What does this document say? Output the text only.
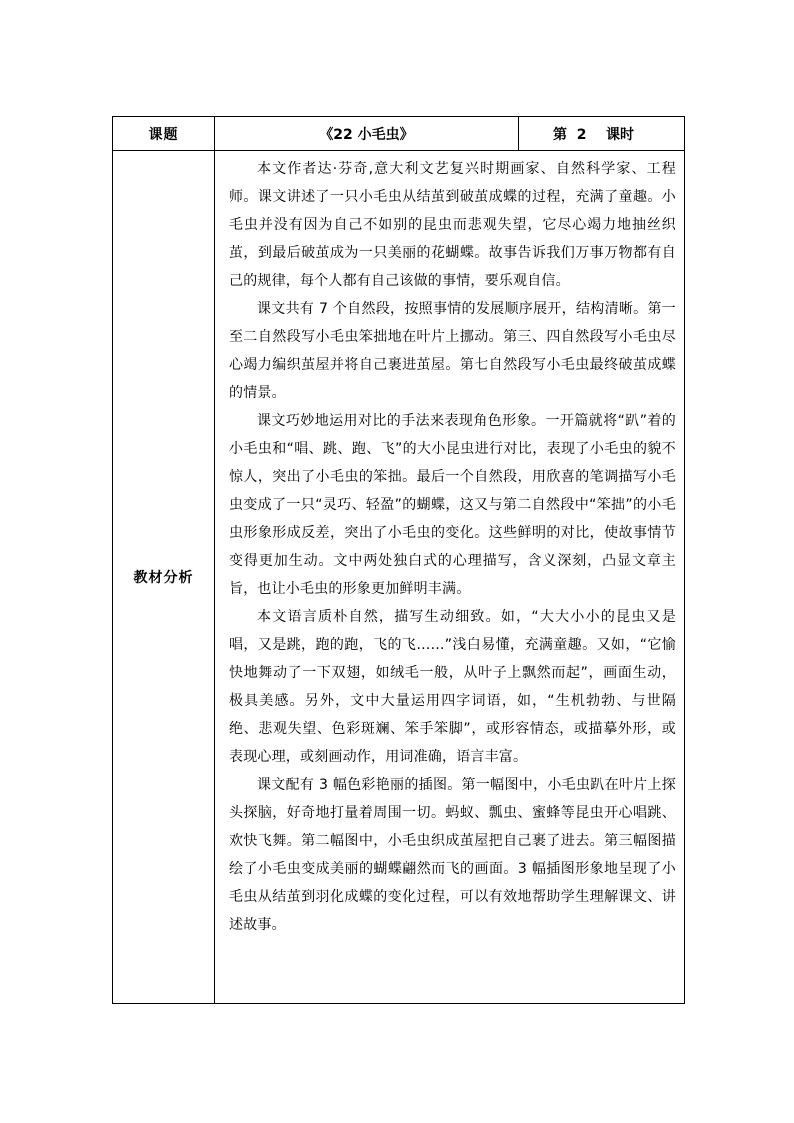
课题	《22 小毛虫》	第  2    课时
教材分析	本文作者达·芬奇,意大利文艺复兴时期画家、自然科学家、工程师。课文讲述了一只小毛虫从结茧到破茧成蝶的过程，充满了童趣。小毛虫并没有因为自己不如别的昆虫而悲观失望，它尽心竭力地抽丝织茧，到最后破茧成为一只美丽的花蝴蝶。故事告诉我们万事万物都有自己的规律，每个人都有自己该做的事情，要乐观自信。

课文共有 7 个自然段，按照事情的发展顺序展开，结构清晰。第一至二自然段写小毛虫笨拙地在叶片上挪动。第三、四自然段写小毛虫尽心竭力编织茧屋并将自己裹进茧屋。第七自然段写小毛虫最终破茧成蝶的情景。

课文巧妙地运用对比的手法来表现角色形象。一开篇就将“趴”着的小毛虫和“唱、跳、跑、飞”的大小昆虫进行对比，表现了小毛虫的貌不惊人，突出了小毛虫的笨拙。最后一个自然段，用欣喜的笔调描写小毛虫变成了一只“灵巧、轻盈”的蝴蝶，这又与第二自然段中“笨拙”的小毛虫形象形成反差，突出了小毛虫的变化。这些鲜明的对比，使故事情节变得更加生动。文中两处独白式的心理描写，含义深刻，凸显文章主旨，也让小毛虫的形象更加鲜明丰满。

本文语言质朴自然，描写生动细致。如，“大大小小的昆虫又是唱，又是跳，跑的跑，飞的飞……”浅白易懂，充满童趣。又如，“它愉快地舞动了一下双翅，如绒毛一般，从叶子上飘然而起”，画面生动，极具美感。另外，文中大量运用四字词语，如，“生机勃勃、与世隔绝、悲观失望、色彩斑斓、笨手笨脚”，或形容情态，或描摹外形，或表现心理，或刻画动作，用词准确，语言丰富。

课文配有 3 幅色彩艳丽的插图。第一幅图中，小毛虫趴在叶片上探头探脑，好奇地打量着周围一切。蚂蚁、瓢虫、蜜蜂等昆虫开心唱跳、欢快飞舞。第二幅图中，小毛虫织成茧屋把自己裹了进去。第三幅图描绘了小毛虫变成美丽的蝴蝶翩然而飞的画面。3 幅插图形象地呈现了小毛虫从结茧到羽化成蝶的变化过程，可以有效地帮助学生理解课文、讲述故事。	
